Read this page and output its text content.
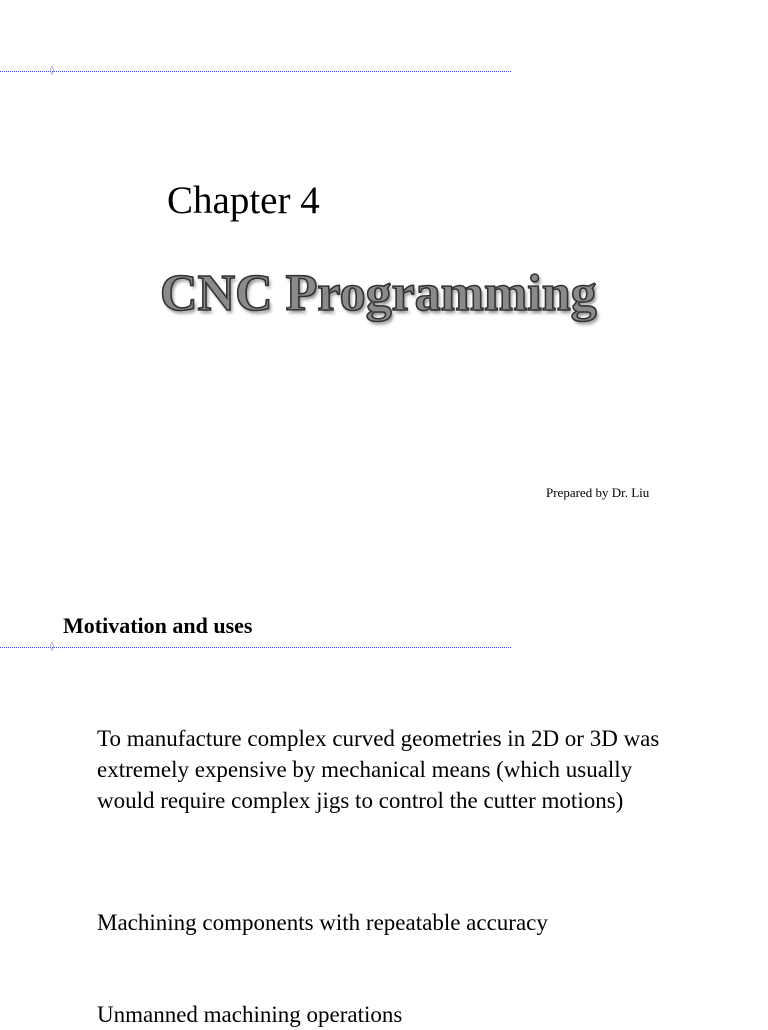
◊
Chapter 4
CNC Programming
Prepared by Dr. Liu
Motivation and uses
◊
To manufacture complex curved geometries in 2D or 3D was extremely expensive by mechanical means (which usually would require complex jigs to control the cutter motions)
Machining components with repeatable accuracy
Unmanned machining operations
